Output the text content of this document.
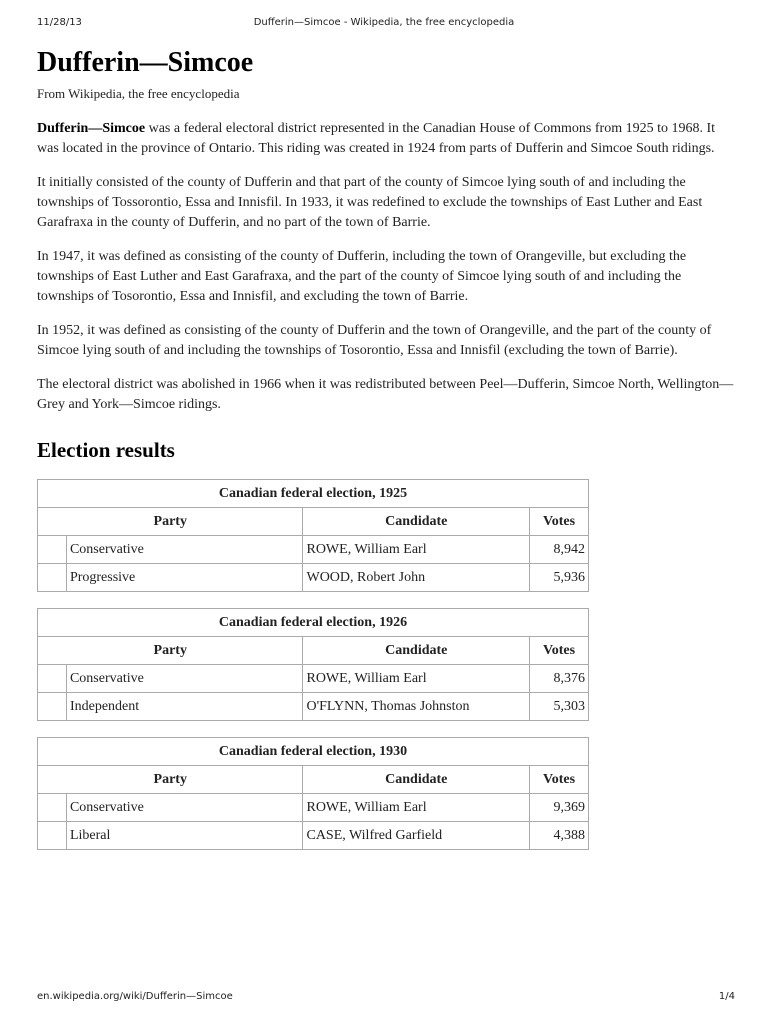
11/28/13	Dufferin—Simcoe - Wikipedia, the free encyclopedia
Dufferin—Simcoe
From Wikipedia, the free encyclopedia

Dufferin—Simcoe was a federal electoral district represented in the Canadian House of Commons from 1925 to 1968. It was located in the province of Ontario. This riding was created in 1924 from parts of Dufferin and Simcoe South ridings.

It initially consisted of the county of Dufferin and that part of the county of Simcoe lying south of and including the townships of Tossorontio, Essa and Innisfil. In 1933, it was redefined to exclude the townships of East Luther and East Garafraxa in the county of Dufferin, and no part of the town of Barrie.

In 1947, it was defined as consisting of the county of Dufferin, including the town of Orangeville, but excluding the townships of East Luther and East Garafraxa, and the part of the county of Simcoe lying south of and including the townships of Tosorontio, Essa and Innisfil, and excluding the town of Barrie.

In 1952, it was defined as consisting of the county of Dufferin and the town of Orangeville, and the part of the county of Simcoe lying south of and including the townships of Tosorontio, Essa and Innisfil (excluding the town of Barrie).

The electoral district was abolished in 1966 when it was redistributed between Peel—Dufferin, Simcoe North, Wellington—Grey and York—Simcoe ridings.

Election results
Canadian federal election, 1925
Party		Candidate	Votes
	Conservative	ROWE, William Earl	8,942
	Progressive	WOOD, Robert John	5,936
Canadian federal election, 1926
Party		Candidate	Votes
	Conservative	ROWE, William Earl	8,376
	Independent	O'FLYNN, Thomas Johnston	5,303
Canadian federal election, 1930
Party		Candidate	Votes
	Conservative	ROWE, William Earl	9,369
	Liberal	CASE, Wilfred Garfield	4,388
en.wikipedia.org/wiki/Dufferin—Simcoe	1/4
